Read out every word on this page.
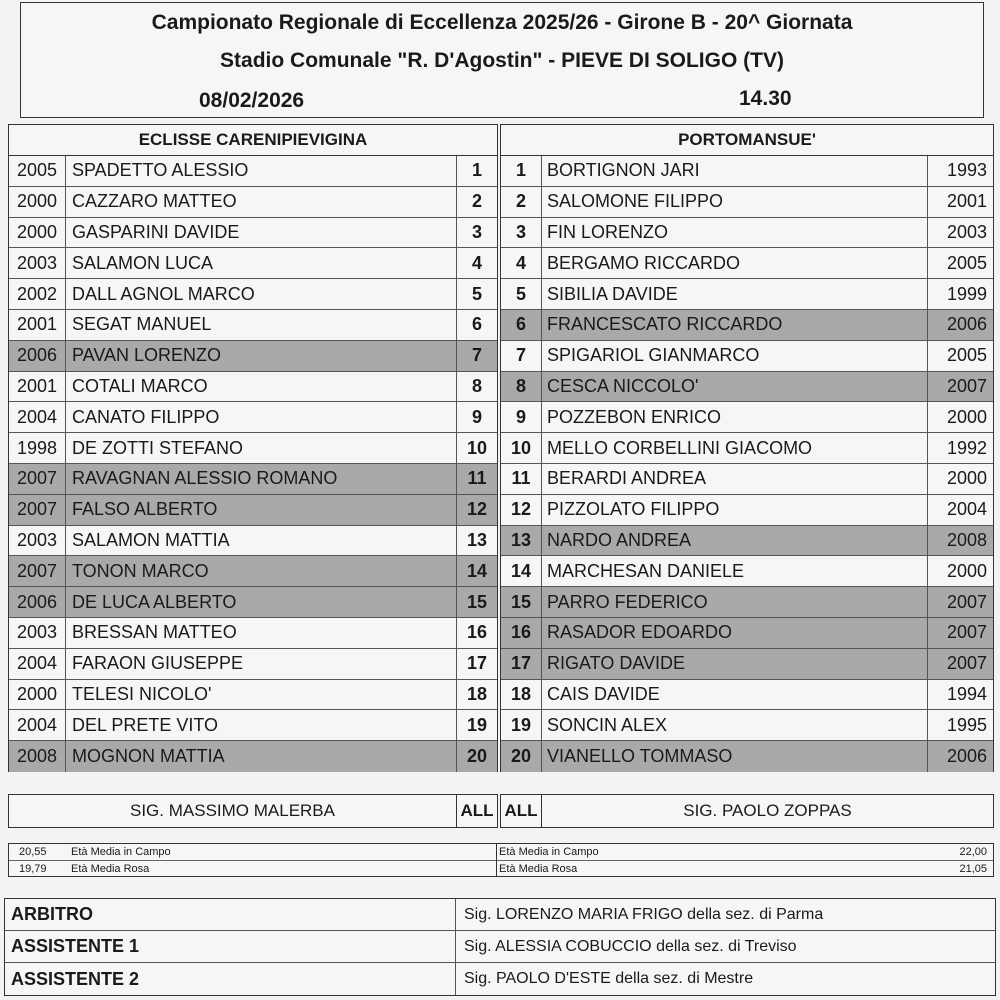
Campionato Regionale di Eccellenza 2025/26 - Girone B - 20^ Giornata
Stadio Comunale "R. D'Agostin" - PIEVE DI SOLIGO (TV)
08/02/2026	14.30
ECLISSE CARENIPIEVIGINA
2005 SPADETTO ALESSIO	1
2000 CAZZARO MATTEO	2
2000 GASPARINI DAVIDE	3
2003 SALAMON LUCA	4
2002 DALL AGNOL MARCO	5
2001 SEGAT MANUEL	6
2006 PAVAN LORENZO	7
2001 COTALI MARCO	8
2004 CANATO FILIPPO	9
1998 DE ZOTTI STEFANO	10
2007 RAVAGNAN ALESSIO ROMANO	11
2007 FALSO ALBERTO	12
2003 SALAMON MATTIA	13
2007 TONON MARCO	14
2006 DE LUCA ALBERTO	15
2003 BRESSAN MATTEO	16
2004 FARAON GIUSEPPE	17
2000 TELESI NICOLO'	18
2004 DEL PRETE VITO	19
2008 MOGNON MATTIA	20
PORTOMANSUE'
1	BORTIGNON JARI	1993
2	SALOMONE FILIPPO	2001
3	FIN LORENZO	2003
4	BERGAMO RICCARDO	2005
5	SIBILIA DAVIDE	1999
6	FRANCESCATO RICCARDO	2006
7	SPIGARIOL GIANMARCO	2005
8	CESCA NICCOLO'	2007
9	POZZEBON ENRICO	2000
10 MELLO CORBELLINI GIACOMO	1992
11 BERARDI ANDREA	2000
12 PIZZOLATO FILIPPO	2004
13 NARDO ANDREA	2008
14 MARCHESAN DANIELE	2000
15 PARRO FEDERICO	2007
16 RASADOR EDOARDO	2007
17 RIGATO DAVIDE	2007
18 CAIS DAVIDE	1994
19 SONCIN ALEX	1995
20 VIANELLO TOMMASO	2006
SIG. MASSIMO MALERBA	ALL ALL	SIG. PAOLO ZOPPAS
20,55	Età Media in Campo
19,79	Età Media Rosa
Età Media in Campo	22,00
Età Media Rosa	21,05
ARBITRO	Sig. LORENZO MARIA FRIGO della sez. di Parma
ASSISTENTE 1	Sig. ALESSIA COBUCCIO della sez. di Treviso
ASSISTENTE 2	Sig. PAOLO D'ESTE della sez. di Mestre
